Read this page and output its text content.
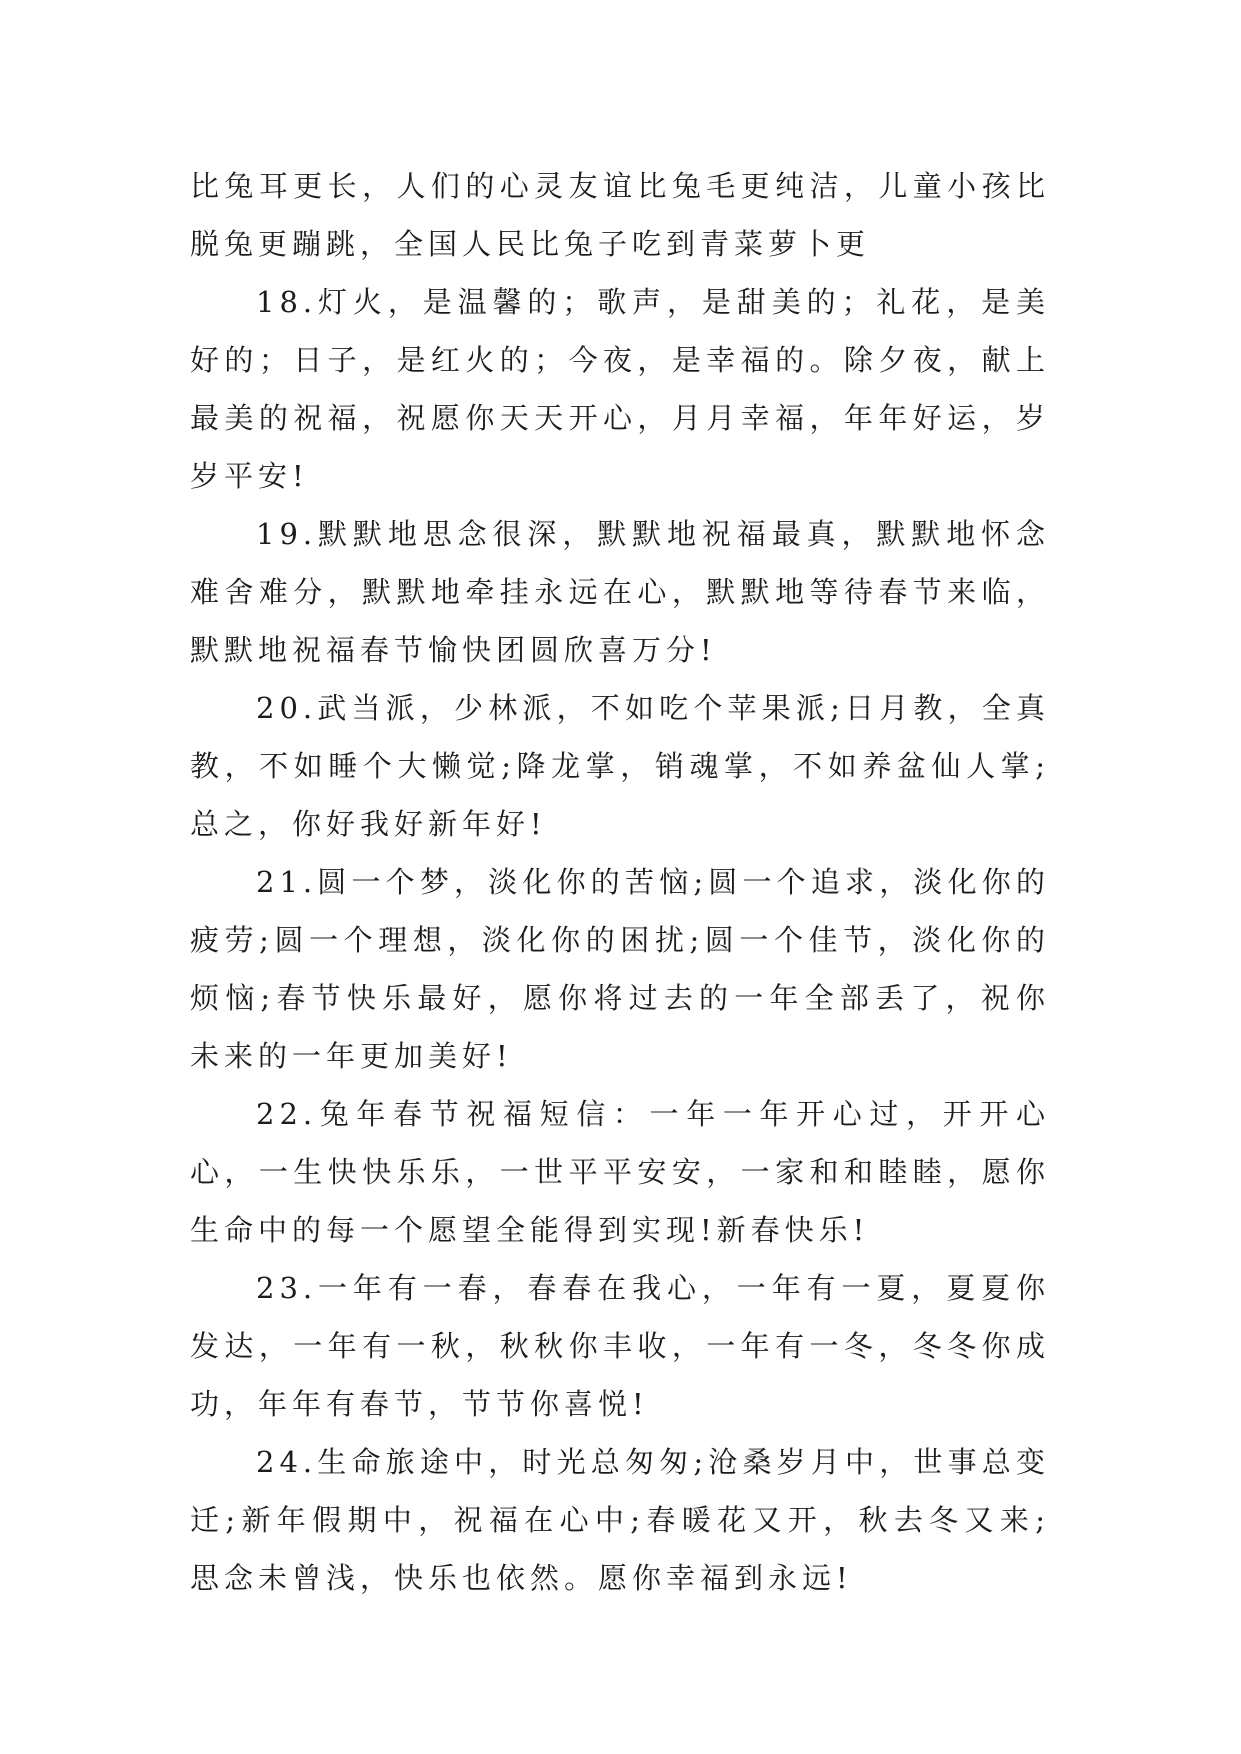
比兔耳更长，人们的心灵友谊比兔毛更纯洁，儿童小孩比脱兔更蹦跳，全国人民比兔子吃到青菜萝卜更

18.灯火，是温馨的；歌声，是甜美的；礼花，是美好的；日子，是红火的；今夜，是幸福的。除夕夜，献上最美的祝福，祝愿你天天开心，月月幸福，年年好运，岁岁平安!

19.默默地思念很深，默默地祝福最真，默默地怀念难舍难分，默默地牵挂永远在心，默默地等待春节来临，默默地祝福春节愉快团圆欣喜万分!

20.武当派，少林派，不如吃个苹果派;日月教，全真教，不如睡个大懒觉;降龙掌，销魂掌，不如养盆仙人掌;总之，你好我好新年好!

21.圆一个梦，淡化你的苦恼;圆一个追求，淡化你的疲劳;圆一个理想，淡化你的困扰;圆一个佳节，淡化你的烦恼;春节快乐最好，愿你将过去的一年全部丢了，祝你未来的一年更加美好!

22.兔年春节祝福短信：一年一年开心过，开开心心，一生快快乐乐，一世平平安安，一家和和睦睦，愿你生命中的每一个愿望全能得到实现!新春快乐!

23.一年有一春，春春在我心，一年有一夏，夏夏你发达，一年有一秋，秋秋你丰收，一年有一冬，冬冬你成功，年年有春节，节节你喜悦!

24.生命旅途中，时光总匆匆;沧桑岁月中，世事总变迁;新年假期中，祝福在心中;春暖花又开，秋去冬又来;思念未曾浅，快乐也依然。愿你幸福到永远!
